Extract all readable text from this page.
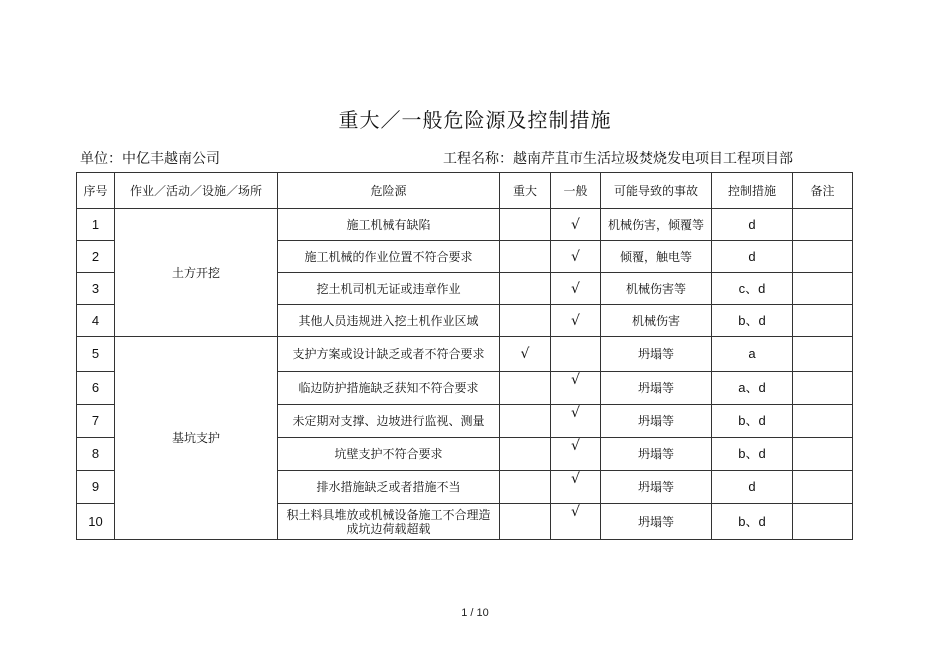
重大／一般危险源及控制措施
单位：中亿丰越南公司	工程名称：越南芹苴市生活垃圾焚烧发电项目工程项目部
序号	作业／活动／设施／场所	危险源	重大	一般	可能导致的事故	控制措施	备注
1	土方开挖	施工机械有缺陷		√	机械伤害，倾覆等	d	
2		施工机械的作业位置不符合要求		√	倾覆，触电等	d	
3		挖土机司机无证或违章作业		√	机械伤害等	c、d	
4		其他人员违规进入挖土机作业区域		√	机械伤害	b、d	
5	基坑支护	支护方案或设计缺乏或者不符合要求	√		坍塌等	a	
6		临边防护措施缺乏获知不符合要求		√	坍塌等	a、d	
7		未定期对支撑、边坡进行监视、测量		√	坍塌等	b、d	
8		坑壁支护不符合要求		√	坍塌等	b、d	
9		排水措施缺乏或者措施不当		√	坍塌等	d	
10		积土料具堆放或机械设备施工不合理造成坑边荷载超载		√	坍塌等	b、d	
1 / 10
